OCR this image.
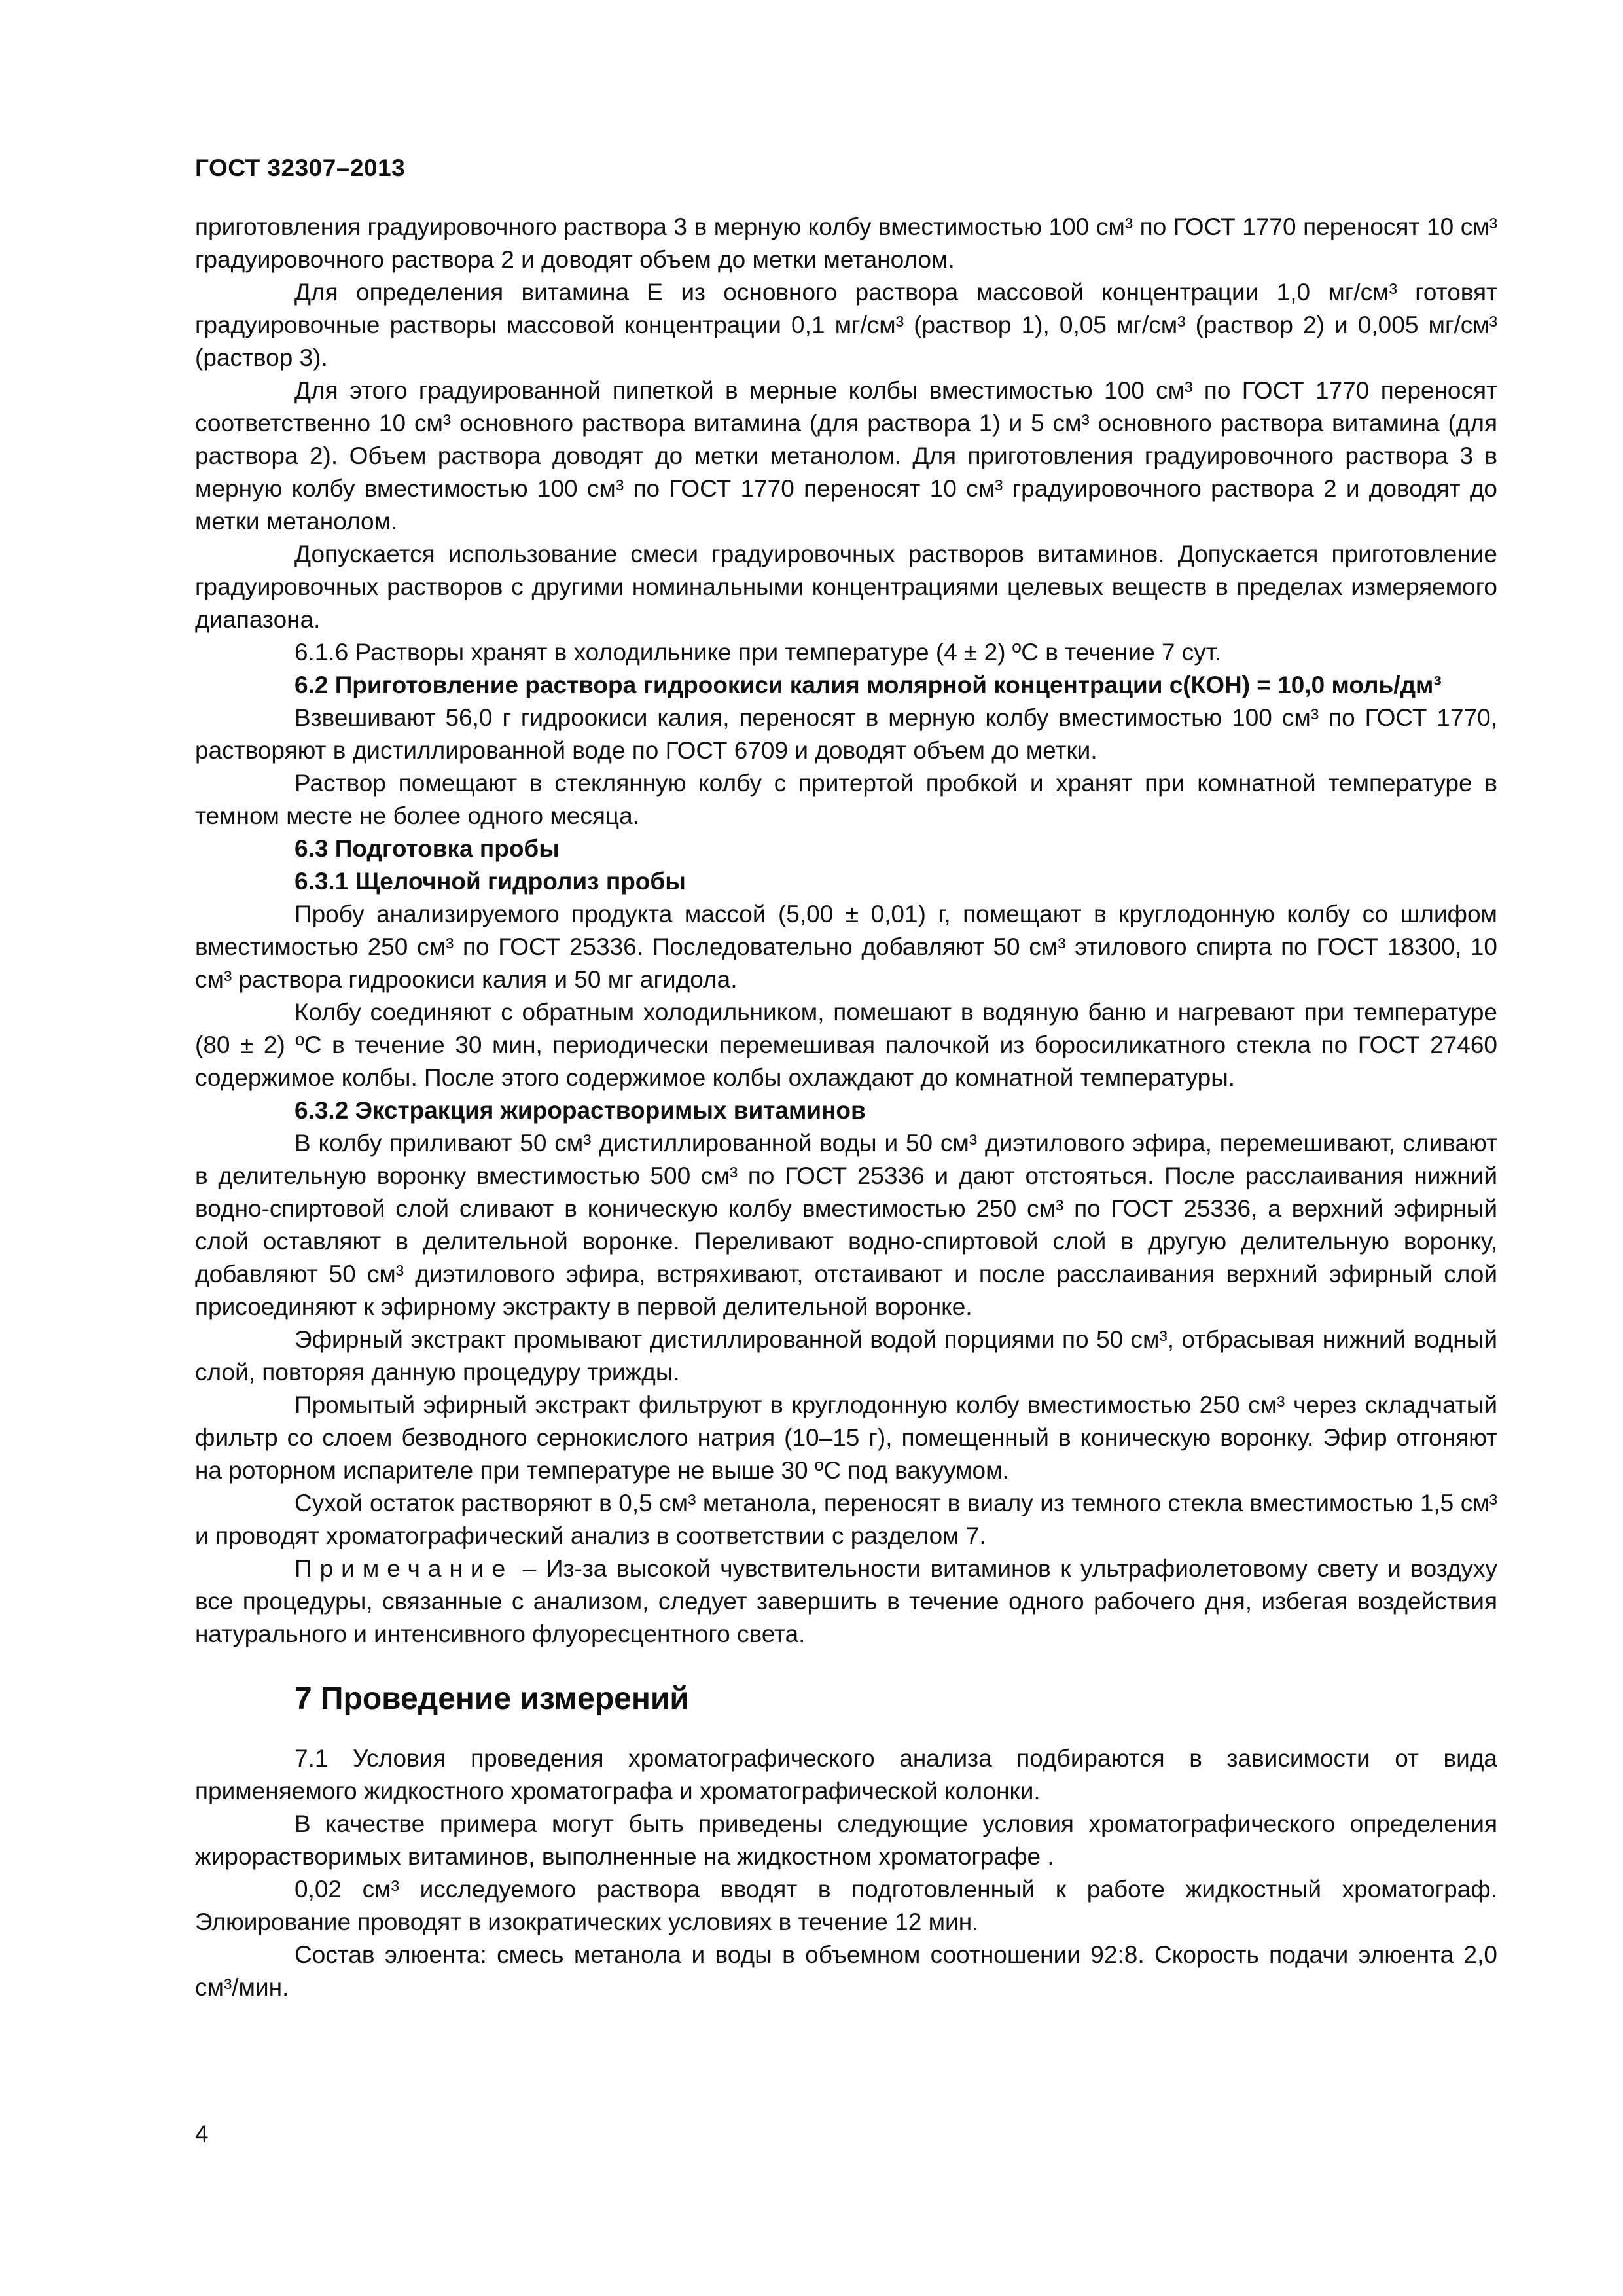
ГОСТ 32307–2013

приготовления градуировочного раствора 3 в мерную колбу вместимостью 100 см³ по ГОСТ 1770 переносят 10 см³ градуировочного раствора 2 и доводят объем до метки метанолом.

Для определения витамина Е из основного раствора массовой концентрации 1,0 мг/см³ готовят градуировочные растворы массовой концентрации 0,1 мг/см³ (раствор 1), 0,05 мг/см³ (раствор 2) и 0,005 мг/см³ (раствор 3).

Для этого градуированной пипеткой в мерные колбы вместимостью 100 см³ по ГОСТ 1770 переносят соответственно 10 см³ основного раствора витамина (для раствора 1) и 5 см³ основного раствора витамина (для раствора 2). Объем раствора доводят до метки метанолом. Для приготовления градуировочного раствора 3 в мерную колбу вместимостью 100 см³ по ГОСТ 1770 переносят 10 см³ градуировочного раствора 2 и доводят до метки метанолом.

Допускается использование смеси градуировочных растворов витаминов. Допускается приготовление градуировочных растворов с другими номинальными концентрациями целевых веществ в пределах измеряемого диапазона.

6.1.6 Растворы хранят в холодильнике при температуре (4 ± 2) ºС в течение 7 сут.

6.2 Приготовление раствора гидроокиси калия молярной концентрации с(КОН) = 10,0 моль/дм³

Взвешивают 56,0 г гидроокиси калия, переносят в мерную колбу вместимостью 100 см³ по ГОСТ 1770, растворяют в дистиллированной воде по ГОСТ 6709 и доводят объем до метки.

Раствор помещают в стеклянную колбу с притертой пробкой и хранят при комнатной температуре в темном месте не более одного месяца.

6.3 Подготовка пробы

6.3.1 Щелочной гидролиз пробы

Пробу анализируемого продукта массой (5,00 ± 0,01) г, помещают в круглодонную колбу со шлифом вместимостью 250 см³ по ГОСТ 25336. Последовательно добавляют 50 см³ этилового спирта по ГОСТ 18300, 10 см³ раствора гидроокиси калия и 50 мг агидола.

Колбу соединяют с обратным холодильником, помешают в водяную баню и нагревают при температуре (80 ± 2) ºС в течение 30 мин, периодически перемешивая палочкой из боросиликатного стекла по ГОСТ 27460 содержимое колбы. После этого содержимое колбы охлаждают до комнатной температуры.

6.3.2 Экстракция жирорастворимых витаминов

В колбу приливают 50 см³ дистиллированной воды и 50 см³ диэтилового эфира, перемешивают, сливают в делительную воронку вместимостью 500 см³ по ГОСТ 25336 и дают отстояться. После расслаивания нижний водно-спиртовой слой сливают в коническую колбу вместимостью 250 см³ по ГОСТ 25336, а верхний эфирный слой оставляют в делительной воронке. Переливают водно-спиртовой слой в другую делительную воронку, добавляют 50 см³ диэтилового эфира, встряхивают, отстаивают и после расслаивания верхний эфирный слой присоединяют к эфирному экстракту в первой делительной воронке.

Эфирный экстракт промывают дистиллированной водой порциями по 50 см³, отбрасывая нижний водный слой, повторяя данную процедуру трижды.

Промытый эфирный экстракт фильтруют в круглодонную колбу вместимостью 250 см³ через складчатый фильтр со слоем безводного сернокислого натрия (10–15 г), помещенный в коническую воронку. Эфир отгоняют на роторном испарителе при температуре не выше 30 ºС под вакуумом.

Сухой остаток растворяют в 0,5 см³ метанола, переносят в виалу из темного стекла вместимостью 1,5 см³ и проводят хроматографический анализ в соответствии с разделом 7.

Примечание – Из-за высокой чувствительности витаминов к ультрафиолетовому свету и воздуху все процедуры, связанные с анализом, следует завершить в течение одного рабочего дня, избегая воздействия натурального и интенсивного флуоресцентного света.

7 Проведение измерений

7.1 Условия проведения хроматографического анализа подбираются в зависимости от вида применяемого жидкостного хроматографа и хроматографической колонки.

В качестве примера могут быть приведены следующие условия хроматографического определения жирорастворимых витаминов, выполненные на жидкостном хроматографе .

0,02 см³ исследуемого раствора вводят в подготовленный к работе жидкостный хроматограф. Элюирование проводят в изократических условиях в течение 12 мин.

Состав элюента: смесь метанола и воды в объемном соотношении 92:8. Скорость подачи элюента 2,0 см³/мин.

4
